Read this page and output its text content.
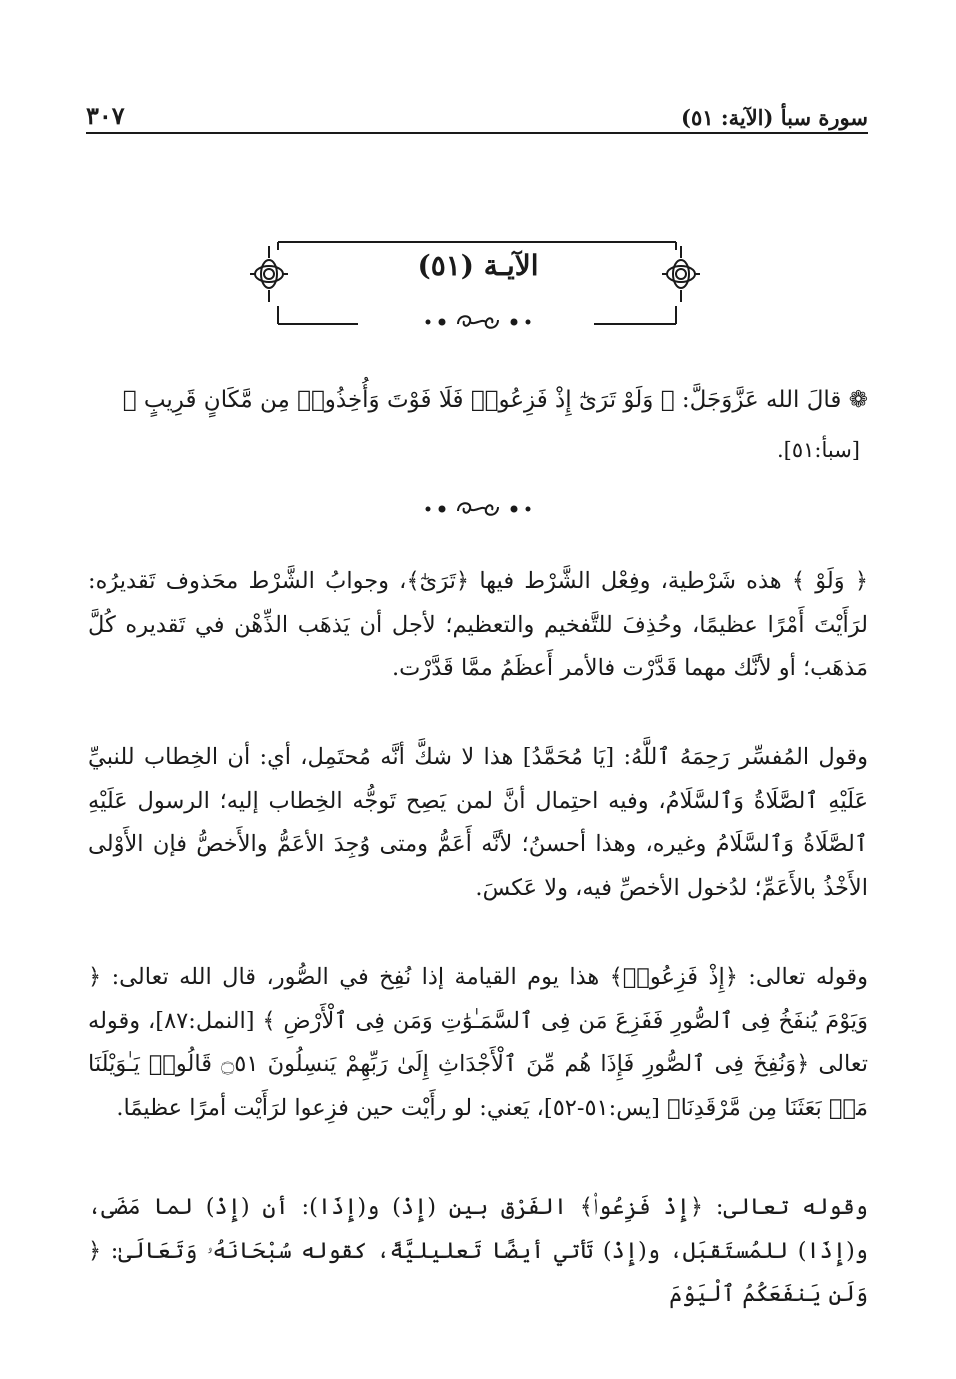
سورة سبأ (الآية: ٥١)
٣٠٧
الآيـة (٥١)
❁ قالَ الله عَزَّوَجَلَّ: ﴿ وَلَوْ تَرَىٰٓ إِذْ فَزِعُوا۟ فَلَا فَوْتَ وَأُخِذُوا۟ مِن مَّكَانٍ قَرِيبٍ ﴾
[سبأ:٥١].

﴿ وَلَوْ ﴾ هذه شَرْطية، وفِعْل الشَّرْط فيها ﴿تَرَىٰٓ﴾، وجوابُ الشَّرْط محَذوف تَقديرُه: لرَأَيْتَ أَمْرًا عظيمًا، وحُذِفَ للتَّفخيم والتعظيم؛ لأجل أن يَذهَب الذِّهْن في تَقديره كُلَّ مَذهَب؛ أو لأنَّك مهما قَدَّرْت فالأمر أَعظَمُ ممَّا قَدَّرْت.

وقول المُفسِّر رَحِمَهُ ٱللَّهُ: [يَا مُحَمَّدُ] هذا لا شكَّ أنَّه مُحتَمِل، أي: أن الخِطاب للنبيِّ عَلَيْهِ ٱلصَّلَاةُ وَٱلسَّلَامُ، وفيه احتِمال أنَّ لمن يَصِح تَوجُّه الخِطاب إليه؛ الرسول عَلَيْهِ ٱلصَّلَاةُ وَٱلسَّلَامُ وغيره، وهذا أحسنُ؛ لأنَّه أَعَمُّ ومتى وُجِدَ الأعَمُّ والأَخصُّ فإن الأَوْلى الأَخْذُ بالأَعَمِّ؛ لدُخول الأخصِّ فيه، ولا عَكسَ.

وقوله تعالى: ﴿إِذْ فَزِعُوا۟﴾ هذا يوم القيامة إذا نُفِخ في الصُّور، قال الله تعالى: ﴿ وَيَوْمَ يُنفَخُ فِى ٱلصُّورِ فَفَزِعَ مَن فِى ٱلسَّمَـٰوَٰتِ وَمَن فِى ٱلْأَرْضِ ﴾ [النمل:٨٧]، وقوله تعالى ﴿وَنُفِخَ فِى ٱلصُّورِ فَإِذَا هُم مِّنَ ٱلْأَجْدَاثِ إِلَىٰ رَبِّهِمْ يَنسِلُونَ ۝٥١ قَالُوا۟ يَـٰوَيْلَنَا مَنۢ بَعَثَنَا مِن مَّرْقَدِنَا﴾ [يس:٥١-٥٢]، يَعني: لو رأَيْت حين فزِعوا لرَأَيْت أمرًا عظيمًا.

وقوله تعالى: ﴿إِذْ فَزِعُوا۟﴾ الفَرْق بين (إِذْ) و(إِذَا): أن (إِذْ) لما مَضَى، و(إِذَا) للمُستَقبَل، و(إِذْ) تَأتي أيضًا تَعليليَّةً، كقوله سُبْحَانَهُۥ وَتَعَالَىٰ: ﴿ وَلَن يَنفَعَكُمُ ٱلْيَوْمَ
